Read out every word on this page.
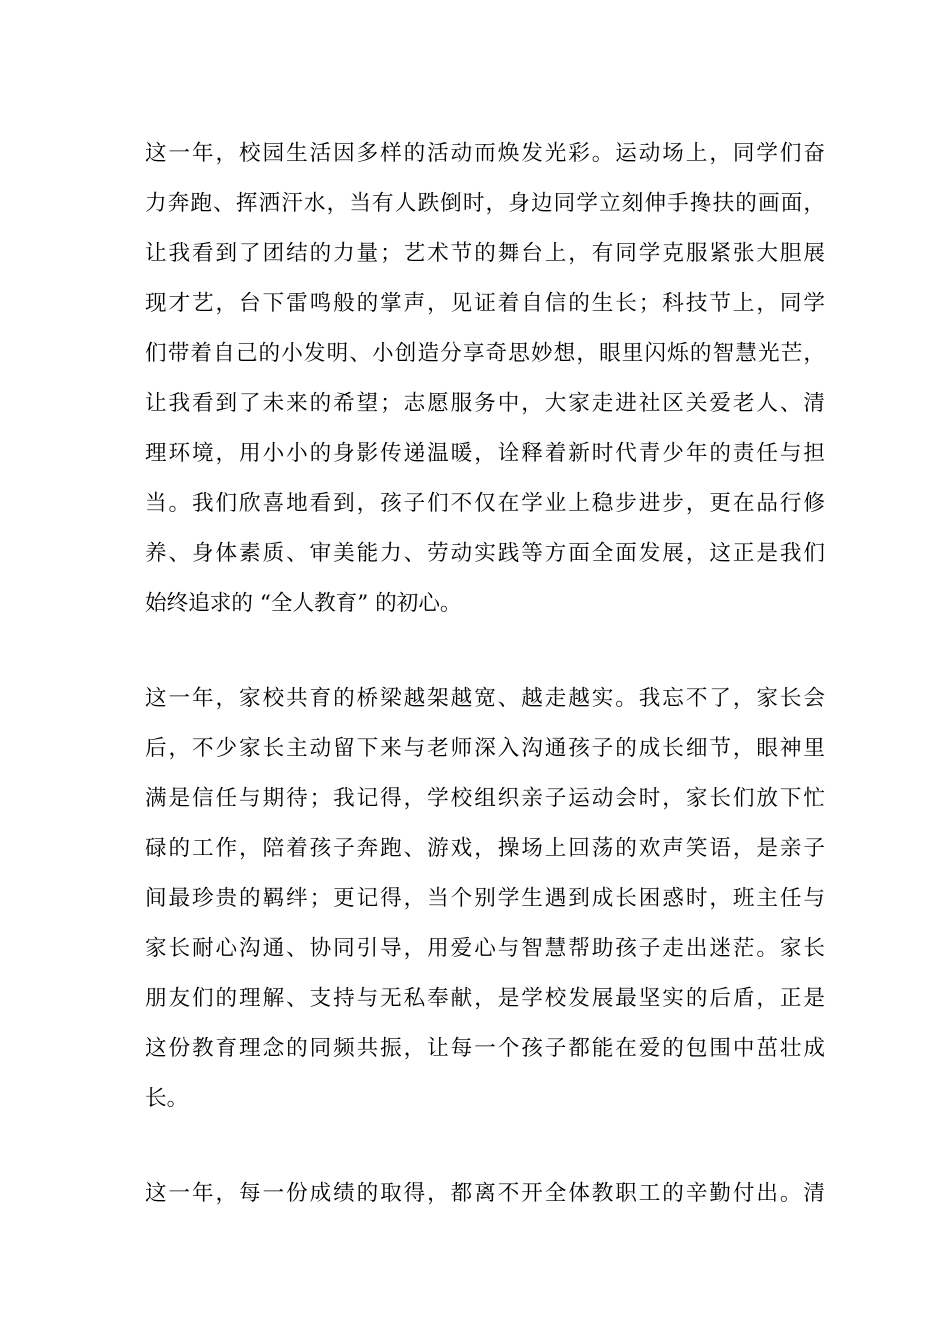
这一年，校园生活因多样的活动而焕发光彩。运动场上，同学们奋
力奔跑、挥洒汗水，当有人跌倒时，身边同学立刻伸手搀扶的画面，
让我看到了团结的力量；艺术节的舞台上，有同学克服紧张大胆展
现才艺，台下雷鸣般的掌声，见证着自信的生长；科技节上，同学
们带着自己的小发明、小创造分享奇思妙想，眼里闪烁的智慧光芒，
让我看到了未来的希望；志愿服务中，大家走进社区关爱老人、清
理环境，用小小的身影传递温暖，诠释着新时代青少年的责任与担
当。我们欣喜地看到，孩子们不仅在学业上稳步进步，更在品行修
养、身体素质、审美能力、劳动实践等方面全面发展，这正是我们
始终追求的 “全人教育” 的初心。
这一年，家校共育的桥梁越架越宽、越走越实。我忘不了，家长会
后，不少家长主动留下来与老师深入沟通孩子的成长细节，眼神里
满是信任与期待；我记得，学校组织亲子运动会时，家长们放下忙
碌的工作，陪着孩子奔跑、游戏，操场上回荡的欢声笑语，是亲子
间最珍贵的羁绊；更记得，当个别学生遇到成长困惑时，班主任与
家长耐心沟通、协同引导，用爱心与智慧帮助孩子走出迷茫。家长
朋友们的理解、支持与无私奉献，是学校发展最坚实的后盾，正是
这份教育理念的同频共振，让每一个孩子都能在爱的包围中茁壮成
长。
这一年，每一份成绩的取得，都离不开全体教职工的辛勤付出。清
